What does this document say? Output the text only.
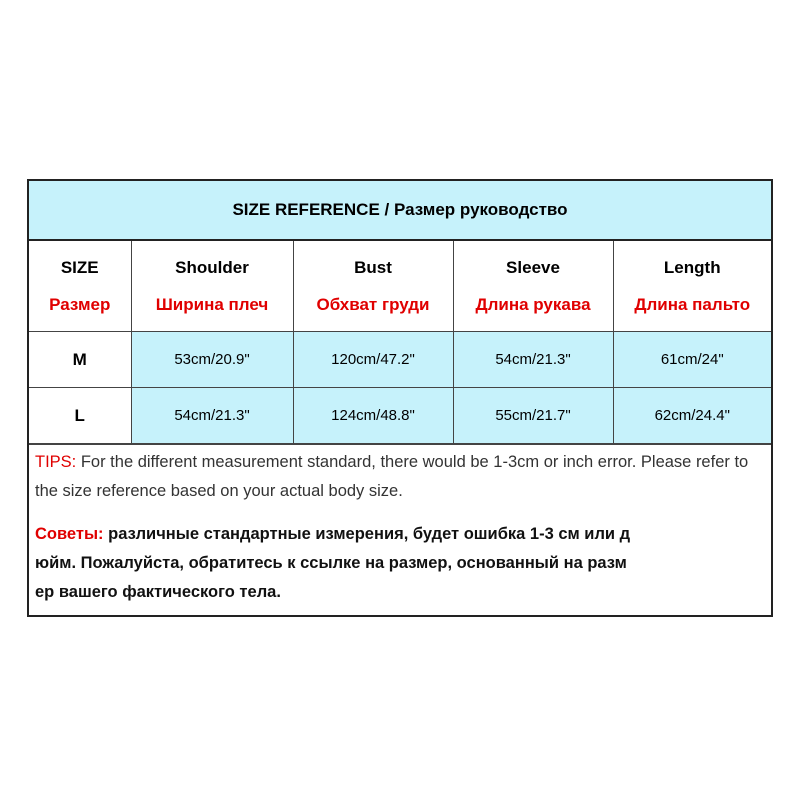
SIZE REFERENCE / Размер руководство
SIZE	Shoulder	Bust	Sleeve	Length
Размер	Ширина плеч	Обхват груди	Длина рукава	Длина пальто
M	53cm/20.9"	120cm/47.2"	54cm/21.3"	61cm/24"
L	54cm/21.3"	124cm/48.8"	55cm/21.7"	62cm/24.4"
TIPS: For the different measurement standard, there would be 1-3cm or inch error. Please refer to the size reference based on your actual body size.
Советы: различные стандартные измерения, будет ошибка 1-3 см или д
юйм. Пожалуйста, обратитесь к ссылке на размер, основанный на разм
ер вашего фактического тела.
